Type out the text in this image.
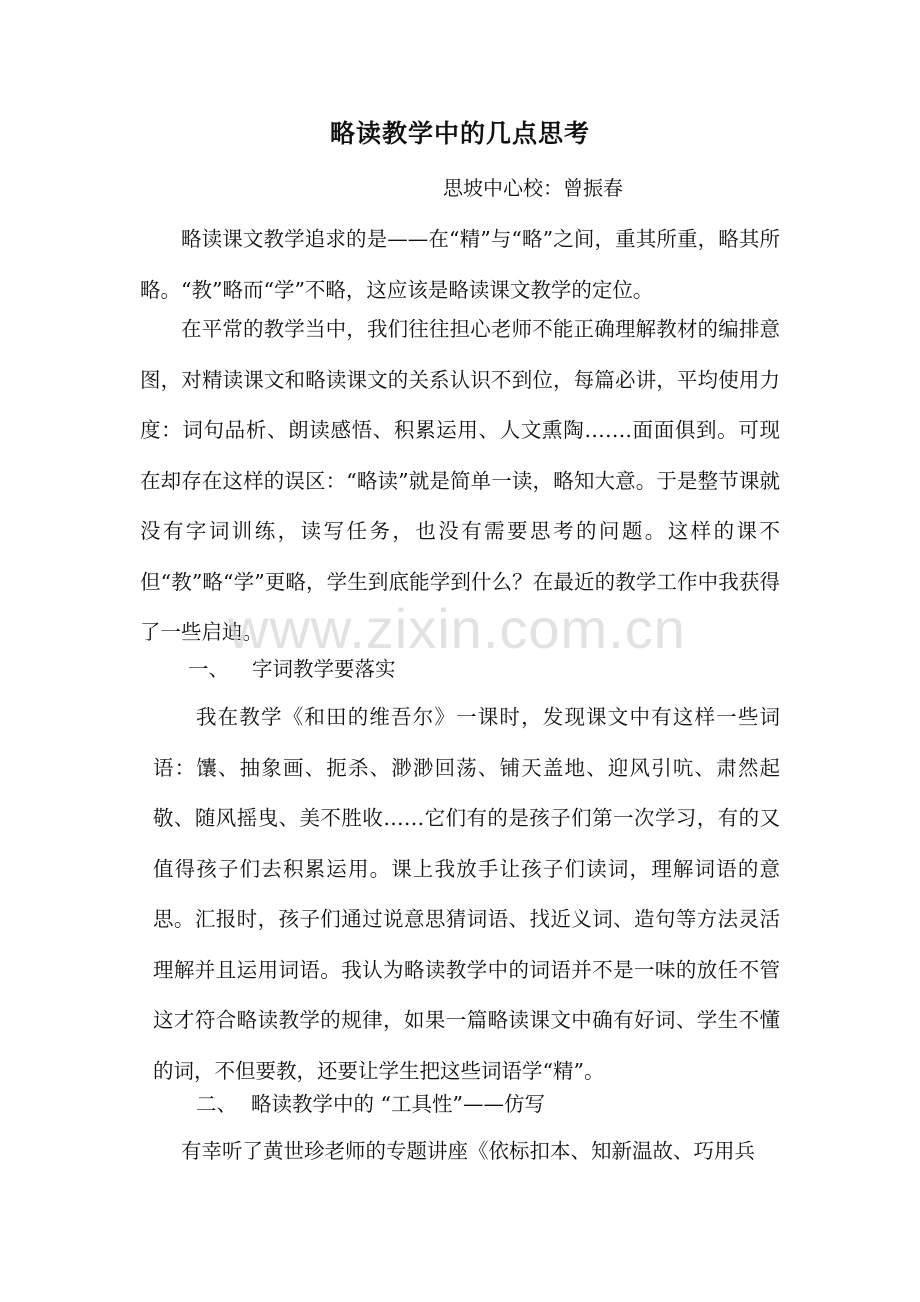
略读教学中的几点思考
思坡中心校：曾振春

略读课文教学追求的是——在“精”与“略”之间，重其所重，略其所略。“教”略而“学”不略，这应该是略读课文教学的定位。

在平常的教学当中，我们往往担心老师不能正确理解教材的编排意图，对精读课文和略读课文的关系认识不到位，每篇必讲，平均使用力度：词句品析、朗读感悟、积累运用、人文熏陶…….面面俱到。可现在却存在这样的误区：“略读”就是简单一读，略知大意。于是整节课就没有字词训练，读写任务，也没有需要思考的问题。这样的课不但“教”略“学”更略，学生到底能学到什么？在最近的教学工作中我获得了一些启迪。

一、 字词教学要落实

我在教学《和田的维吾尔》一课时，发现课文中有这样一些词语：馕、抽象画、扼杀、渺渺回荡、铺天盖地、迎风引吭、肃然起敬、随风摇曳、美不胜收……它们有的是孩子们第一次学习，有的又值得孩子们去积累运用。课上我放手让孩子们读词，理解词语的意思。汇报时，孩子们通过说意思猜词语、找近义词、造句等方法灵活理解并且运用词语。我认为略读教学中的词语并不是一味的放任不管这才符合略读教学的规律，如果一篇略读课文中确有好词、学生不懂的词，不但要教，还要让学生把这些词语学“精”。

二、 略读教学中的 “工具性”——仿写

有幸听了黄世珍老师的专题讲座《依标扣本、知新温故、巧用兵

www.zixin.com.cn
